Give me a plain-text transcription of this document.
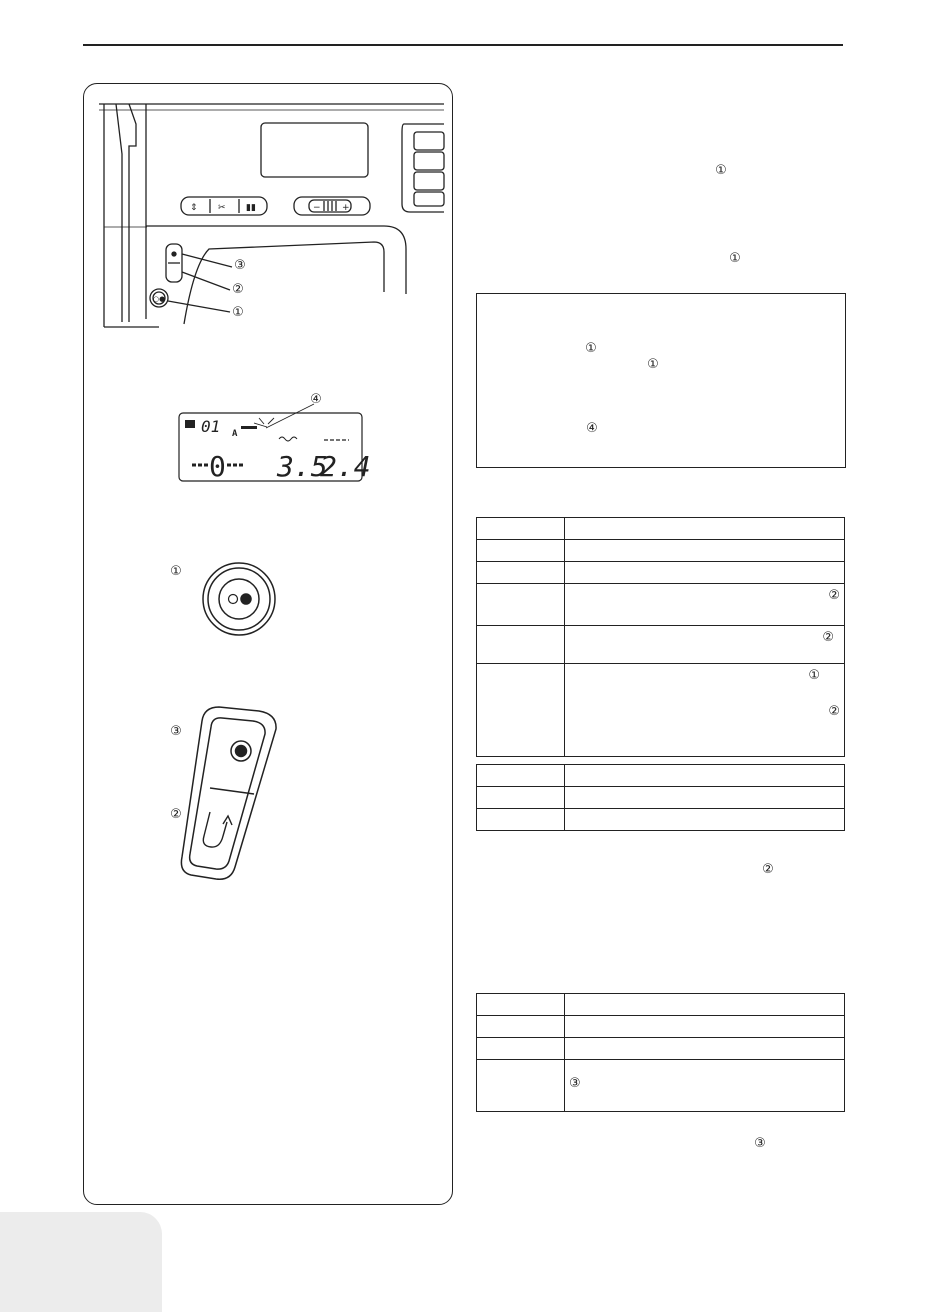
⇕ ✂ ▮▮	− +
○●
01 A
0 3.5
2.4
③
②
①
④
①
③
②
①
①
①
①
④

	②

	②

	①
②

②

	③
③
